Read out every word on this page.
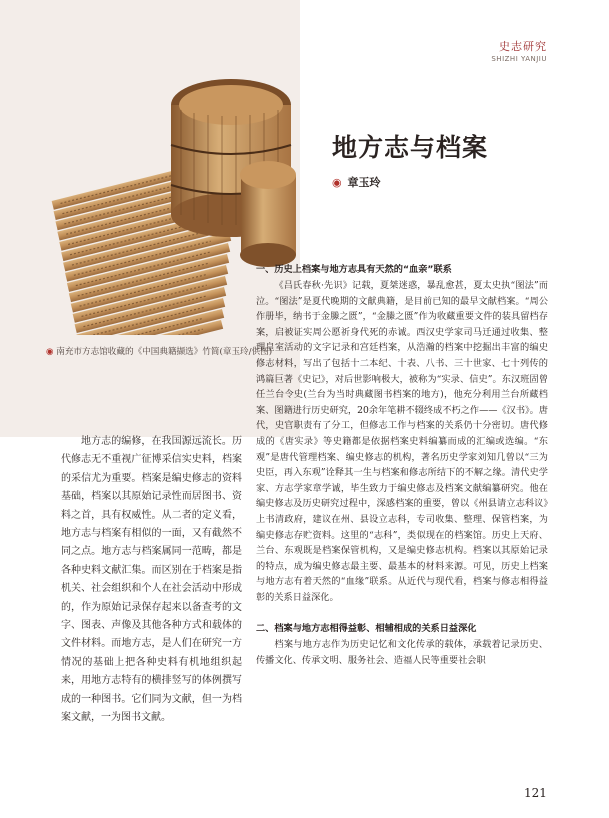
史志研究
SHIZHI YANJIU
◉ 南充市方志馆收藏的《中国典籍撷选》竹简(章玉玲/供图)
地方志与档案
◉ 章玉玲

地方志的编修，在我国源远流长。历代修志无不重视广征博采信实史料，档案的采信尤为重要。档案是编史修志的资料基础，档案以其原始记录性而居图书、资料之首，具有权威性。从二者的定义看，地方志与档案有相似的一面，又有截然不同之点。地方志与档案属同一范畴，都是各种史料文献汇集。而区别在于档案是指机关、社会组织和个人在社会活动中形成的，作为原始记录保存起来以备查考的文字、图表、声像及其他各种方式和载体的文件材料。而地方志，是人们在研究一方情况的基础上把各种史料有机地组织起来，用地方志特有的横排竖写的体例撰写成的一种图书。它们同为文献，但一为档案文献，一为图书文献。

一、历史上档案与地方志具有天然的“血亲”联系

《吕氏春秋·先识》记载，夏桀迷惑，暴乱愈甚，夏太史执“图法”而泣。“图法”是夏代晚期的文献典籍，是目前已知的最早文献档案。“周公作册毕，纳书于金縢之匮”，“金縢之匮”作为收藏重要文件的装具留档存案，启被证实周公愿祈身代死的赤诚。西汉史学家司马迁通过收集、整理皇室活动的文字记录和宫廷档案，从浩瀚的档案中挖掘出丰富的编史修志材料，写出了包括十二本纪、十表、八书、三十世家、七十列传的鸿篇巨著《史记》，对后世影响极大，被称为“实录、信史”。东汉班固曾任兰台令史(兰台为当时典藏图书档案的地方)，他充分利用兰台所藏档案、图籍进行历史研究，20余年笔耕不辍终成不朽之作——《汉书》。唐代，史官职责有了分工，但修志工作与档案的关系仍十分密切。唐代修成的《唐实录》等史籍都是依据档案史料编纂而成的汇编或选编。“东观”是唐代管理档案、编史修志的机构，著名历史学家刘知几曾以“三为史臣，再入东观”诠释其一生与档案和修志所结下的不解之缘。清代史学家、方志学家章学诚，毕生致力于编史修志及档案文献编纂研究。他在编史修志及历史研究过程中，深感档案的重要，曾以《州县请立志科议》上书清政府，建议在州、县设立志科，专司收集、整理、保管档案，为编史修志存贮资料。这里的“志科”，类似现在的档案馆。历史上天府、兰台、东观既是档案保管机构，又是编史修志机构。档案以其原始记录的特点，成为编史修志最主要、最基本的材料来源。可见，历史上档案与地方志有着天然的“血缘”联系。从近代与现代看，档案与修志相得益彰的关系日益深化。

二、档案与地方志相得益彰、相辅相成的关系日益深化

档案与地方志作为历史记忆和文化传承的载体，承载着记录历史、传播文化、传承文明、服务社会、造福人民等重要社会职

121
